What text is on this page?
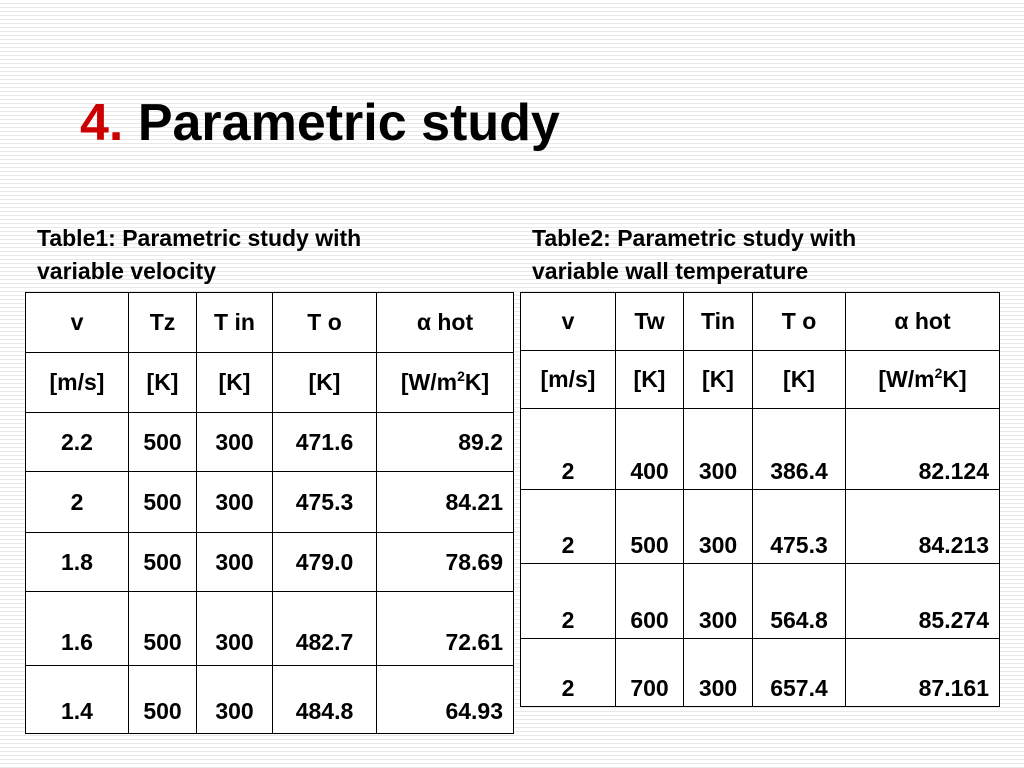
4. Parametric study
Table1: Parametric study with
variable velocity
Table2: Parametric study with
variable wall temperature
v	Tz	T in	T o	α hot
[m/s]	[K]	[K]	[K]	$[W/m^2K]$
2.2	500	300	471.6	89.2
2	500	300	475.3	84.21
1.8	500	300	479.0	78.69
1.6	500	300	482.7	72.61
1.4	500	300	484.8	64.93
v	Tw	Tin	T o	α hot
[m/s]	[K]	[K]	[K]	$[W/m^2K]$
2	400	300	386.4	82.124
2	500	300	475.3	84.213
2	600	300	564.8	85.274
2	700	300	657.4	87.161
